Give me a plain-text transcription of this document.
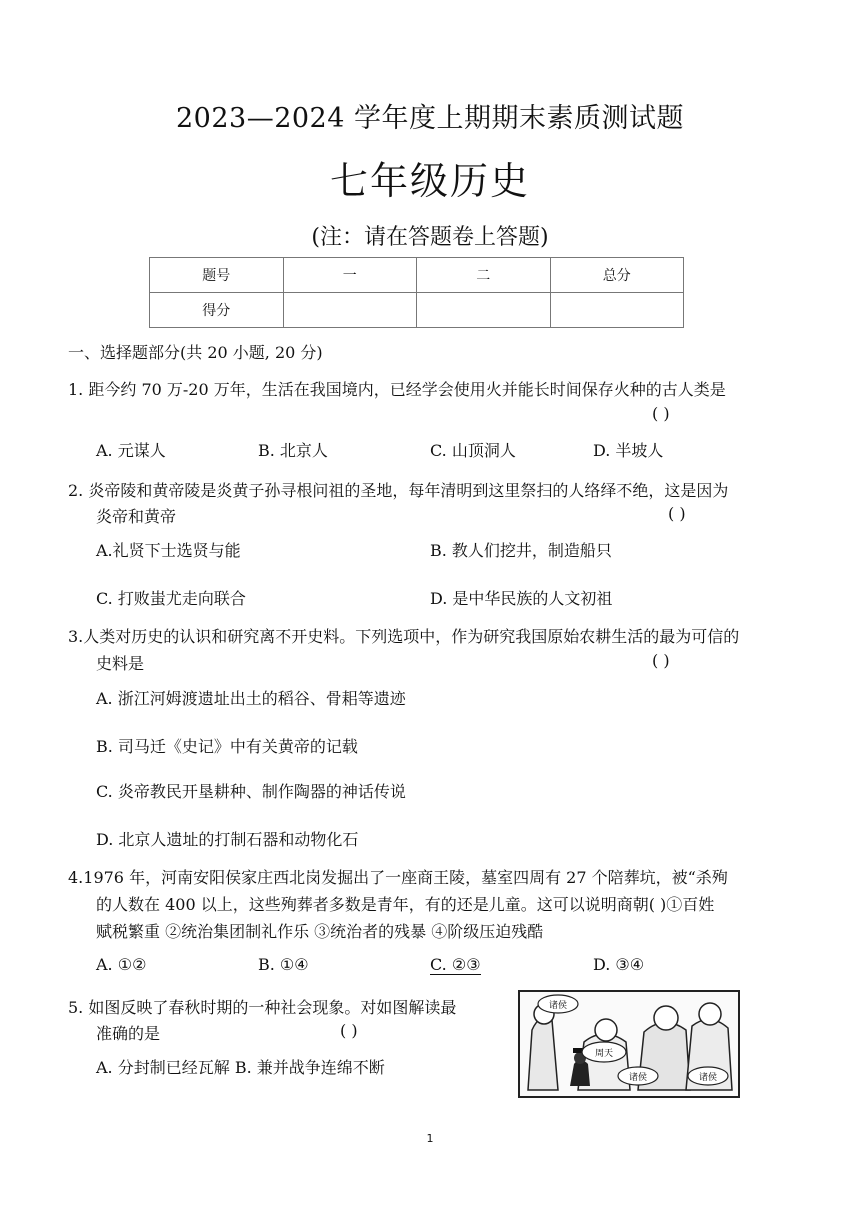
2023—2024 学年度上期期末素质测试题
七年级历史
(注：请在答题卷上答题)
题号	一	二	总分
得分			
一、选择题部分(共 20 小题, 20 分)
1. 距今约 70 万-20 万年，生活在我国境内，已经学会使用火并能长时间保存火种的古人类是
( )
A. 元谋人	B. 北京人	C. 山顶洞人	D. 半坡人
2. 炎帝陵和黄帝陵是炎黄子孙寻根问祖的圣地，每年清明到这里祭扫的人络绎不绝，这是因为
炎帝和黄帝	( )
A.礼贤下士选贤与能	B. 教人们挖井，制造船只
C. 打败蚩尤走向联合	D. 是中华民族的人文初祖
3.人类对历史的认识和研究离不开史料。下列选项中，作为研究我国原始农耕生活的最为可信的
史料是	( )
A. 浙江河姆渡遗址出土的稻谷、骨耜等遗迹
B. 司马迁《史记》中有关黄帝的记载
C. 炎帝教民开垦耕种、制作陶器的神话传说
D. 北京人遗址的打制石器和动物化石
4.1976 年，河南安阳侯家庄西北岗发掘出了一座商王陵，墓室四周有 27 个陪葬坑，被“杀殉
的人数在 400 以上，这些殉葬者多数是青年，有的还是儿童。这可以说明商朝( )①百姓
赋税繁重 ②统治集团制礼作乐 ③统治者的残暴 ④阶级压迫残酷
A. ①②	B. ①④	C. ②③	D. ③④
5. 如图反映了春秋时期的一种社会现象。对如图解读最
准确的是	( )
A. 分封制已经瓦解 B. 兼并战争连绵不断
诸侯
周天
诸侯	诸侯
1
